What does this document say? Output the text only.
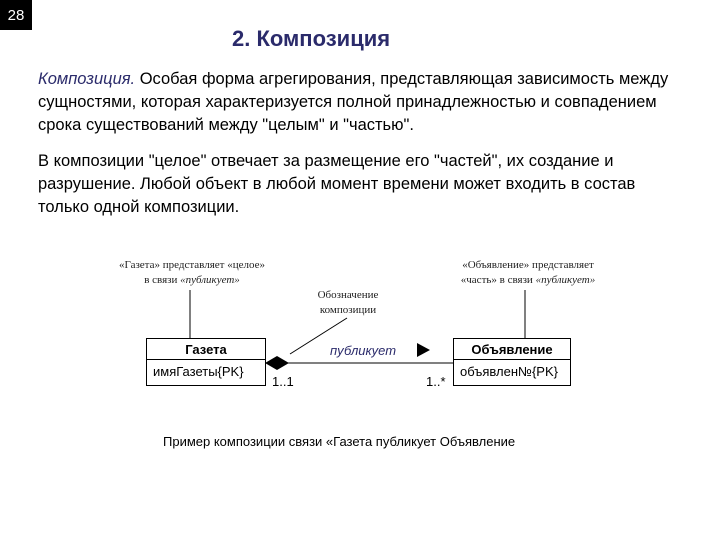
28
2. Композиция
Композиция. Особая форма агрегирования, представляющая зависимость между сущностями, которая характеризуется полной принадлежностью и совпадением срока существований между "целым" и "частью".
В композиции "целое" отвечает за размещение его "частей", их создание и разрушение. Любой объект в любой момент времени может входить в состав только одной композиции.
«Газета» представляет «целое»
в связи «публикует»
«Объявление» представляет
«часть» в связи «публикует»
Обозначение
композиции
Газета
имяГазеты{PK}
Объявление
объявлен№{PK}
публикует
1..1	1..*
Пример композиции связи «Газета публикует Объявление
